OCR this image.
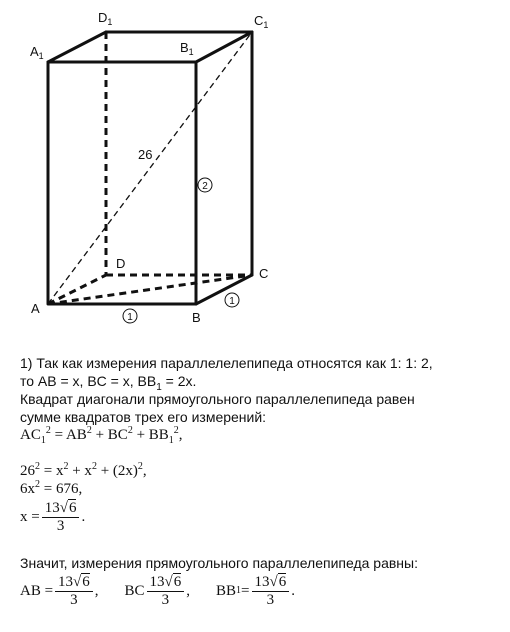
$A_1$
$D_1$
$B_1$
$C_1$
D
C
A
B
26
2
1
1
1) Так как измерения параллелелепипеда относятся как 1: 1: 2,
то AB = x, BC = x, $BB_1 = 2x$.
Квадрат диагонали прямоугольного параллелепипеда равен
сумме квадратов трех его измерений:
$AC_1^2 = AB^2 + BC^2 + BB_1^2$,
$26^2 = x^2 + x^2 + (2x)^2$,
$6x^2 = 676$,
$x = \frac{13√6}{3}$ .
Значит, измерения прямоугольного параллелепипеда равны:
AB = $\frac{13√6}{3}$ , BC $\frac{13√6}{3}$ , BB $1 = \frac{13√6}{3}$ .
